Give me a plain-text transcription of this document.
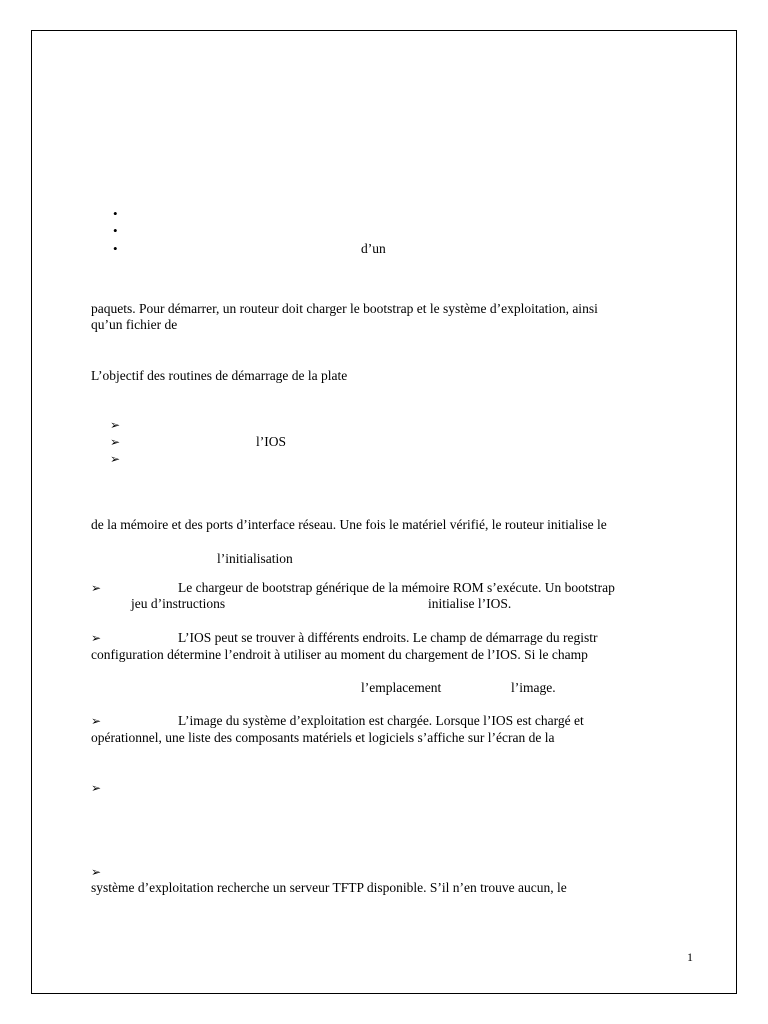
•
•
•	d’un
paquets. Pour démarrer, un routeur doit charger le bootstrap et le système d’exploitation, ainsi
qu’un fichier de
L’objectif des routines de démarrage de la plate
➢
➢	l’IOS
➢
de la mémoire et des ports d’interface réseau. Une fois le matériel vérifié, le routeur initialise le
l’initialisation
➢	Le chargeur de bootstrap générique de la mémoire ROM s’exécute. Un bootstrap
jeu d’instructions	initialise l’IOS.
➢	L’IOS peut se trouver à différents endroits. Le champ de démarrage du registr
configuration détermine l’endroit à utiliser au moment du chargement de l’IOS. Si le champ
l’emplacement	l’image.
➢	L’image du système d’exploitation est chargée. Lorsque l’IOS est chargé et
opérationnel, une liste des composants matériels et logiciels s’affiche sur l’écran de la
➢
➢
système d’exploitation recherche un serveur TFTP disponible. S’il n’en trouve aucun, le
1
